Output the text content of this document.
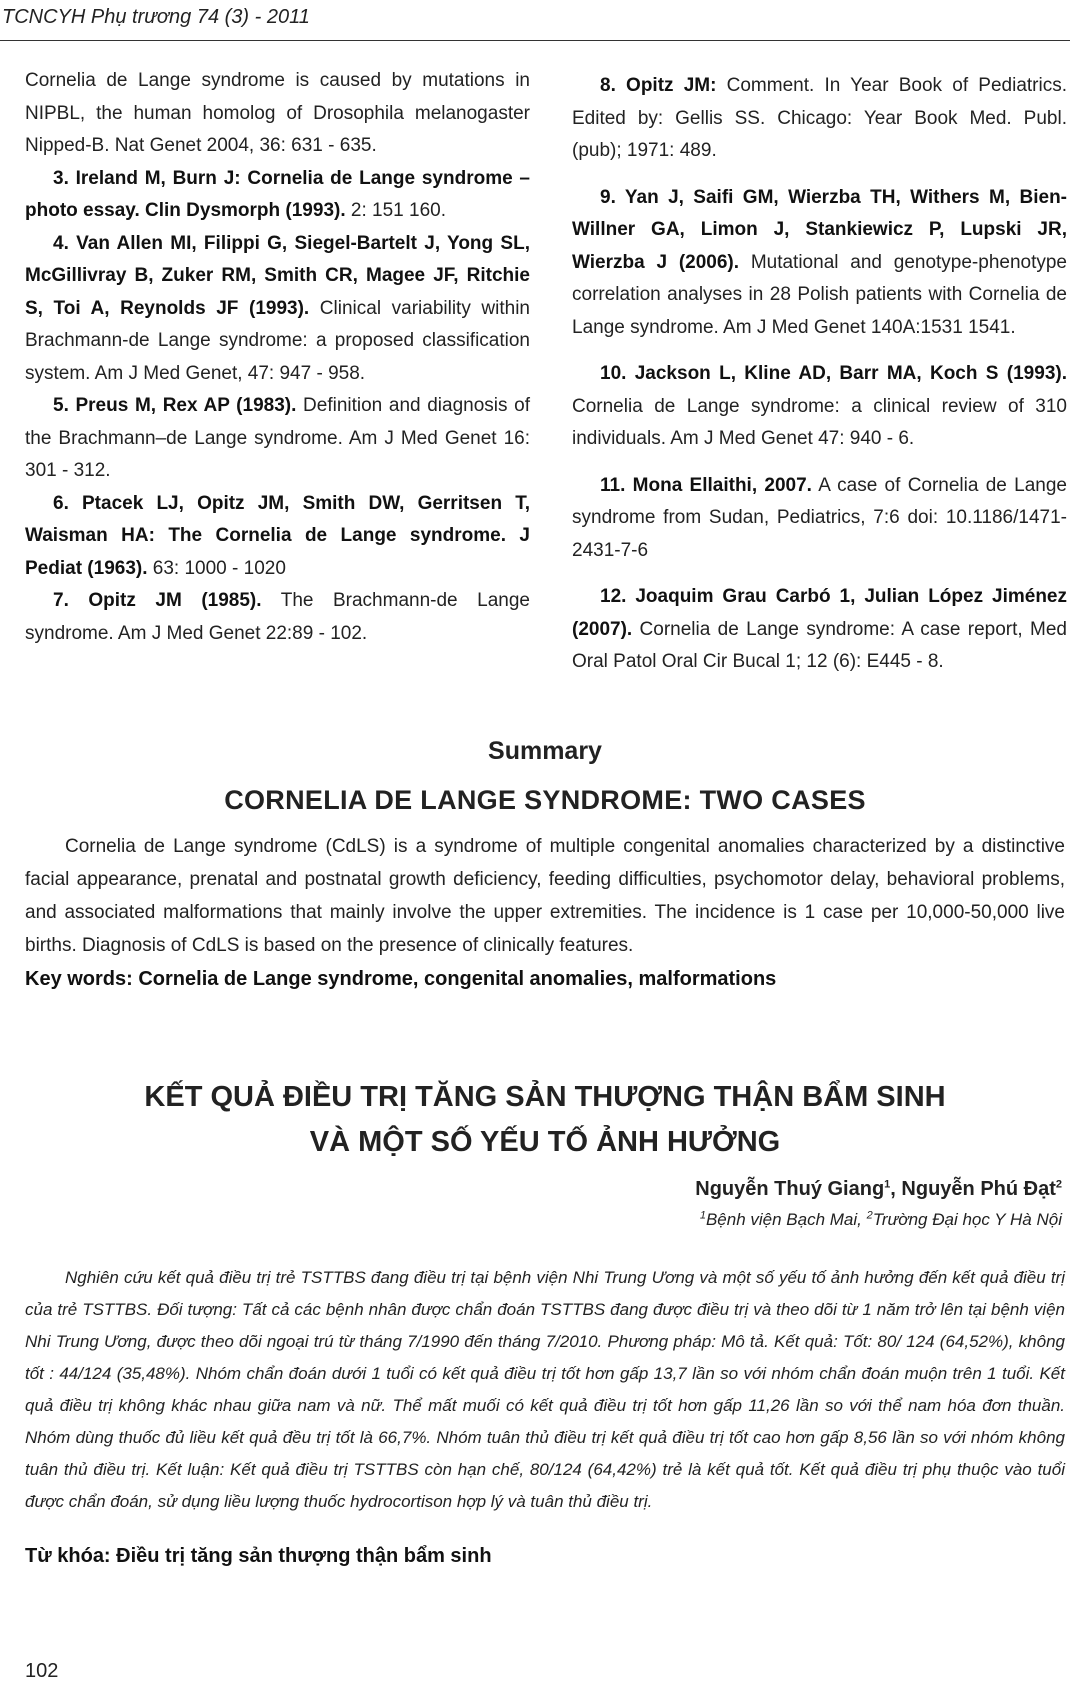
TCNCYH Phụ trương 74 (3) - 2011
Cornelia de Lange syndrome is caused by mutations in NIPBL, the human homolog of Drosophila melanogaster Nipped-B. Nat Genet 2004, 36: 631 - 635.
3. Ireland M, Burn J: Cornelia de Lange syndrome – photo essay. Clin Dysmorph (1993). 2: 151 160.
4. Van Allen MI, Filippi G, Siegel-Bartelt J, Yong SL, McGillivray B, Zuker RM, Smith CR, Magee JF, Ritchie S, Toi A, Reynolds JF (1993). Clinical variability within Brachmann-de Lange syndrome: a proposed classification system. Am J Med Genet, 47: 947 - 958.
5. Preus M, Rex AP (1983). Definition and diagnosis of the Brachmann–de Lange syndrome. Am J Med Genet 16: 301 - 312.
6. Ptacek LJ, Opitz JM, Smith DW, Gerritsen T, Waisman HA: The Cornelia de Lange syndrome. J Pediat (1963). 63: 1000 - 1020
7. Opitz JM (1985). The Brachmann-de Lange syndrome. Am J Med Genet 22:89 - 102.
8. Opitz JM: Comment. In Year Book of Pediatrics. Edited by: Gellis SS. Chicago: Year Book Med. Publ. (pub); 1971: 489.
9. Yan J, Saifi GM, Wierzba TH, Withers M, Bien-Willner GA, Limon J, Stankiewicz P, Lupski JR, Wierzba J (2006). Mutational and genotype-phenotype correlation analyses in 28 Polish patients with Cornelia de Lange syndrome. Am J Med Genet 140A:1531 1541.
10. Jackson L, Kline AD, Barr MA, Koch S (1993). Cornelia de Lange syndrome: a clinical review of 310 individuals. Am J Med Genet 47: 940 - 6.
11. Mona Ellaithi, 2007. A case of Cornelia de Lange syndrome from Sudan, Pediatrics, 7:6 doi: 10.1186/1471-2431-7-6
12. Joaquim Grau Carbó 1, Julian López Jiménez (2007). Cornelia de Lange syndrome: A case report, Med Oral Patol Oral Cir Bucal 1; 12 (6): E445 - 8.
Summary
CORNELIA DE LANGE SYNDROME: TWO CASES
Cornelia de Lange syndrome (CdLS) is a syndrome of multiple congenital anomalies characterized by a distinctive facial appearance, prenatal and postnatal growth deficiency, feeding difficulties, psychomotor delay, behavioral problems, and associated malformations that mainly involve the upper extremities. The incidence is 1 case per 10,000-50,000 live births. Diagnosis of CdLS is based on the presence of clinically features.
Key words: Cornelia de Lange syndrome, congenital anomalies, malformations
KẾT QUẢ ĐIỀU TRỊ TĂNG SẢN THƯỢNG THẬN BẨM SINH
VÀ MỘT SỐ YẾU TỐ ẢNH HƯỞNG
Nguyễn Thuý Giang$^1$, Nguyễn Phú Đạt$^2$
$^1$Bệnh viện Bạch Mai, $^2$Trường Đại học Y Hà Nội
Nghiên cứu kết quả điều trị trẻ TSTTBS đang điều trị tại bệnh viện Nhi Trung Ương và một số yếu tố ảnh hưởng đến kết quả điều trị của trẻ TSTTBS. Đối tượng: Tất cả các bệnh nhân được chẩn đoán TSTTBS đang được điều trị và theo dõi từ 1 năm trở lên tại bệnh viện Nhi Trung Ương, được theo dõi ngoại trú từ tháng 7/1990 đến tháng 7/2010. Phương pháp: Mô tả. Kết quả: Tốt: 80/ 124 (64,52%), không tốt : 44/124 (35,48%). Nhóm chẩn đoán dưới 1 tuổi có kết quả điều trị tốt hơn gấp 13,7 lần so với nhóm chẩn đoán muộn trên 1 tuổi. Kết quả điều trị không khác nhau giữa nam và nữ. Thể mất muối có kết quả điều trị tốt hơn gấp 11,26 lần so với thể nam hóa đơn thuần. Nhóm dùng thuốc đủ liều kết quả đều trị tốt là 66,7%. Nhóm tuân thủ điều trị kết quả điều trị tốt cao hơn gấp 8,56 lần so với nhóm không tuân thủ điều trị. Kết luận: Kết quả điều trị TSTTBS còn hạn chế, 80/124 (64,42%) trẻ là kết quả tốt. Kết quả điều trị phụ thuộc vào tuổi được chẩn đoán, sử dụng liều lượng thuốc hydrocortison hợp lý và tuân thủ điều trị.
Từ khóa: Điều trị tăng sản thượng thận bẩm sinh
102
